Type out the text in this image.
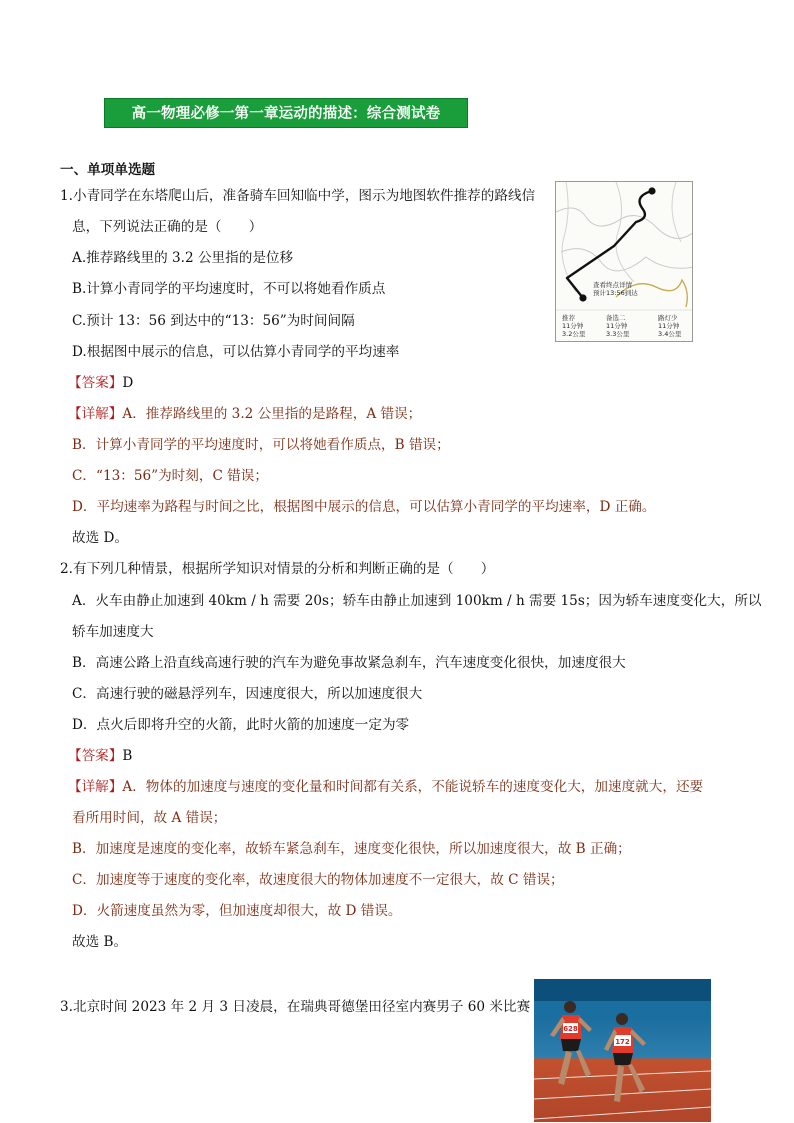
高一物理必修一第一章运动的描述：综合测试卷
一、单项单选题
1.小青同学在东塔爬山后，准备骑车回知临中学，图示为地图软件推荐的路线信
息，下列说法正确的是（　　）
A.推荐路线里的 3.2 公里指的是位移
B.计算小青同学的平均速度时，不可以将她看作质点
C.预计 13：56 到达中的“13：56”为时间间隔
D.根据图中展示的信息，可以估算小青同学的平均速率
【答案】D
【详解】A．推荐路线里的 3.2 公里指的是路程，A 错误；
B．计算小青同学的平均速度时，可以将她看作质点，B 错误；
C．“13：56”为时刻，C 错误；
D．平均速率为路程与时间之比，根据图中展示的信息，可以估算小青同学的平均速率，D 正确。
故选 D。
查看终点详情
预计13:56到达
推荐
11分钟
3.2公里
备选二
11分钟
3.3公里
路灯少
11分钟
3.4公里
2.有下列几种情景，根据所学知识对情景的分析和判断正确的是（　　）
A．火车由静止加速到 40km / h 需要 20s；轿车由静止加速到 100km / h 需要 15s；因为轿车速度变化大，所以
轿车加速度大
B．高速公路上沿直线高速行驶的汽车为避免事故紧急刹车，汽车速度变化很快，加速度很大
C．高速行驶的磁悬浮列车，因速度很大，所以加速度很大
D．点火后即将升空的火箭，此时火箭的加速度一定为零
【答案】B
【详解】A．物体的加速度与速度的变化量和时间都有关系，不能说轿车的速度变化大，加速度就大，还要
看所用时间，故 A 错误；
B．加速度是速度的变化率，故轿车紧急刹车，速度变化很快，所以加速度很大，故 B 正确；
C．加速度等于速度的变化率，故速度很大的物体加速度不一定很大，故 C 错误；
D．火箭速度虽然为零，但加速度却很大，故 D 错误。
故选 B。
3.北京时间 2023 年 2 月 3 日凌晨，在瑞典哥德堡田径室内赛男子 60 米比赛
628
172
